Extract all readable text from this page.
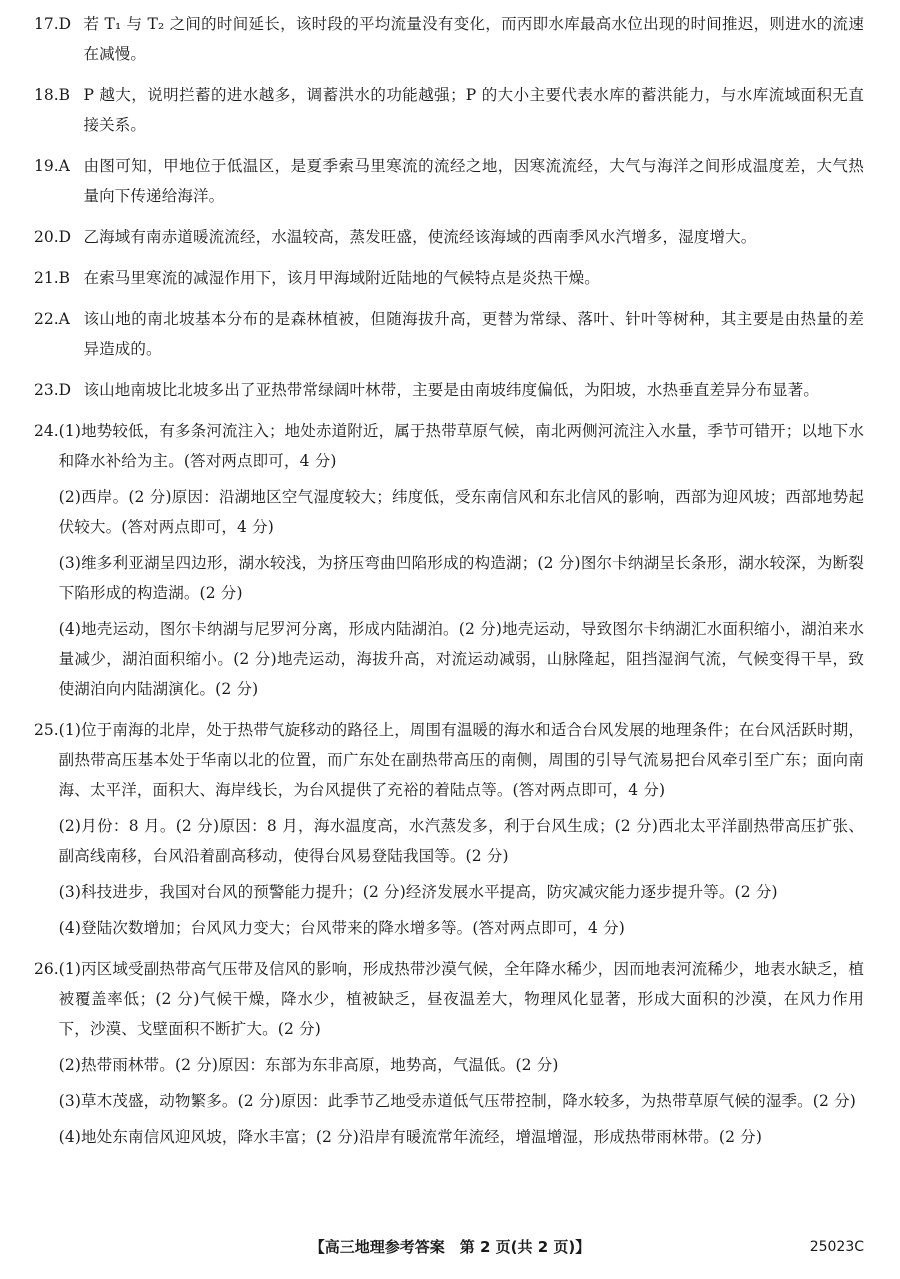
17.D 若 T₁ 与 T₂ 之间的时间延长，该时段的平均流量没有变化，而丙即水库最高水位出现的时间推迟，则进水的流速在减慢。
18.B P 越大，说明拦蓄的进水越多，调蓄洪水的功能越强；P 的大小主要代表水库的蓄洪能力，与水库流域面积无直接关系。
19.A 由图可知，甲地位于低温区，是夏季索马里寒流的流经之地，因寒流流经，大气与海洋之间形成温度差，大气热量向下传递给海洋。
20.D 乙海域有南赤道暖流流经，水温较高，蒸发旺盛，使流经该海域的西南季风水汽增多，湿度增大。
21.B 在索马里寒流的减湿作用下，该月甲海域附近陆地的气候特点是炎热干燥。
22.A 该山地的南北坡基本分布的是森林植被，但随海拔升高，更替为常绿、落叶、针叶等树种，其主要是由热量的差异造成的。
23.D 该山地南坡比北坡多出了亚热带常绿阔叶林带，主要是由南坡纬度偏低，为阳坡，水热垂直差异分布显著。
24. (1)地势较低，有多条河流注入；地处赤道附近，属于热带草原气候，南北两侧河流注入水量，季节可错开；以地下水和降水补给为主。(答对两点即可，4 分)
(2)西岸。(2 分)原因：沿湖地区空气湿度较大；纬度低，受东南信风和东北信风的影响，西部为迎风坡；西部地势起伏较大。(答对两点即可，4 分)
(3)维多利亚湖呈四边形，湖水较浅，为挤压弯曲凹陷形成的构造湖；(2 分)图尔卡纳湖呈长条形，湖水较深，为断裂下陷形成的构造湖。(2 分)
(4)地壳运动，图尔卡纳湖与尼罗河分离，形成内陆湖泊。(2 分)地壳运动，导致图尔卡纳湖汇水面积缩小，湖泊来水量减少，湖泊面积缩小。(2 分)地壳运动，海拔升高，对流运动减弱，山脉隆起，阻挡湿润气流，气候变得干旱，致使湖泊向内陆湖演化。(2 分)
25. (1)位于南海的北岸，处于热带气旋移动的路径上，周围有温暖的海水和适合台风发展的地理条件；在台风活跃时期，副热带高压基本处于华南以北的位置，而广东处在副热带高压的南侧，周围的引导气流易把台风牵引至广东；面向南海、太平洋，面积大、海岸线长，为台风提供了充裕的着陆点等。(答对两点即可，4 分)
(2)月份：8 月。(2 分)原因：8 月，海水温度高，水汽蒸发多，利于台风生成；(2 分)西北太平洋副热带高压扩张、副高线南移，台风沿着副高移动，使得台风易登陆我国等。(2 分)
(3)科技进步，我国对台风的预警能力提升；(2 分)经济发展水平提高，防灾减灾能力逐步提升等。(2 分)
(4)登陆次数增加；台风风力变大；台风带来的降水增多等。(答对两点即可，4 分)
26. (1)丙区域受副热带高气压带及信风的影响，形成热带沙漠气候，全年降水稀少，因而地表河流稀少，地表水缺乏，植被覆盖率低；(2 分)气候干燥，降水少，植被缺乏，昼夜温差大，物理风化显著，形成大面积的沙漠，在风力作用下，沙漠、戈壁面积不断扩大。(2 分)
(2)热带雨林带。(2 分)原因：东部为东非高原，地势高，气温低。(2 分)
(3)草木茂盛，动物繁多。(2 分)原因：此季节乙地受赤道低气压带控制，降水较多，为热带草原气候的湿季。(2 分)
(4)地处东南信风迎风坡，降水丰富；(2 分)沿岸有暖流常年流经，增温增湿，形成热带雨林带。(2 分)
【高三地理参考答案　第 2 页(共 2 页)】	25023C
